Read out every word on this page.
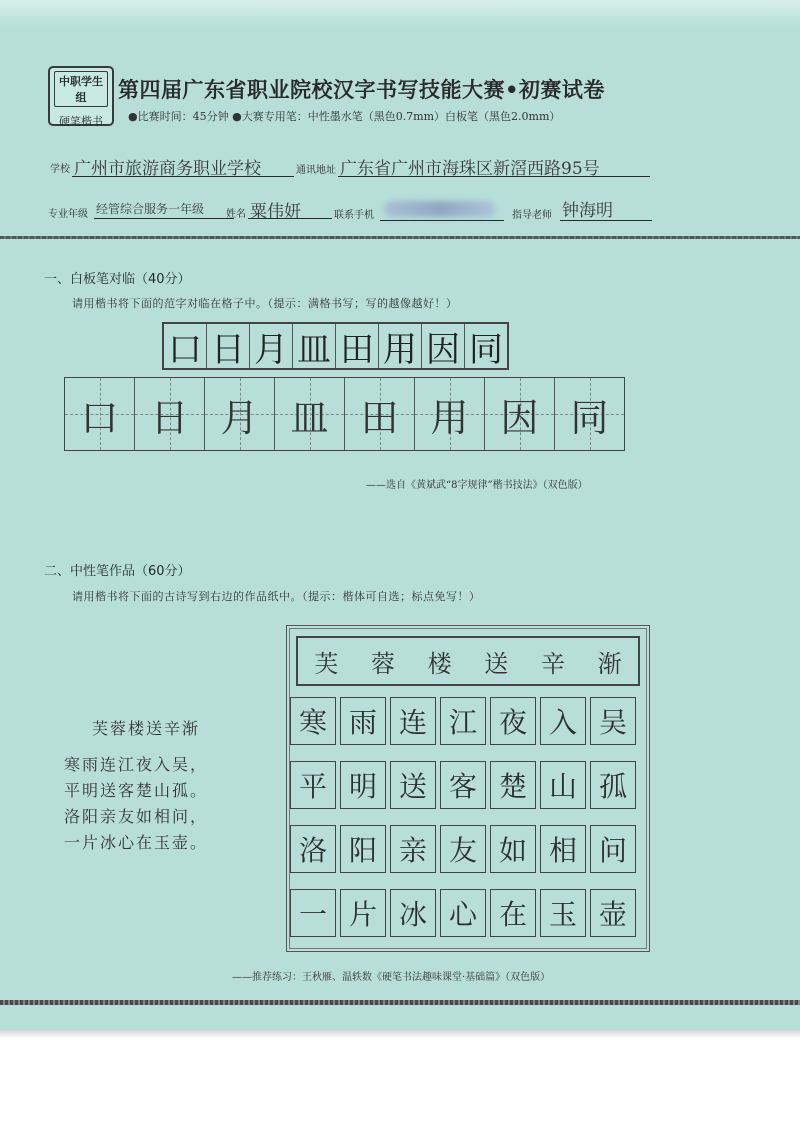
中职学生组
硬笔楷书
第四届广东省职业院校汉字书写技能大赛•初赛试卷
●比赛时间：45分钟 ●大赛专用笔：中性墨水笔（黑色0.7mm）白板笔（黑色2.0mm）
学校 广州市旅游商务职业学校	通讯地址 广东省广州市海珠区新滘西路95号
专业年级 经管综合服务一年级 姓名 粟伟妍	联系手机	指导老师 钟海明
一、白板笔对临（40分）
请用楷书将下面的范字对临在格子中。（提示：满格书写；写的越像越好！）
口 日 月 皿 田 用 因 同
口 日 月 皿 田 用 因 同
——选自《黄斌武“8字规律”楷书技法》（双色版）
二、中性笔作品（60分）
请用楷书将下面的古诗写到右边的作品纸中。（提示：楷体可自选；标点免写！）
芙蓉楼送辛渐
寒雨连江夜入吴，
平明送客楚山孤。
洛阳亲友如相问，
一片冰心在玉壶。
芙 蓉 楼 送 辛 渐
寒 雨 连 江 夜 入 吴
平 明 送 客 楚 山 孤
洛 阳 亲 友 如 相 问
一 片 冰 心 在 玉 壶
——推荐练习：王秋雁、温轶数《硬笔书法趣味课堂·基础篇》（双色版）
